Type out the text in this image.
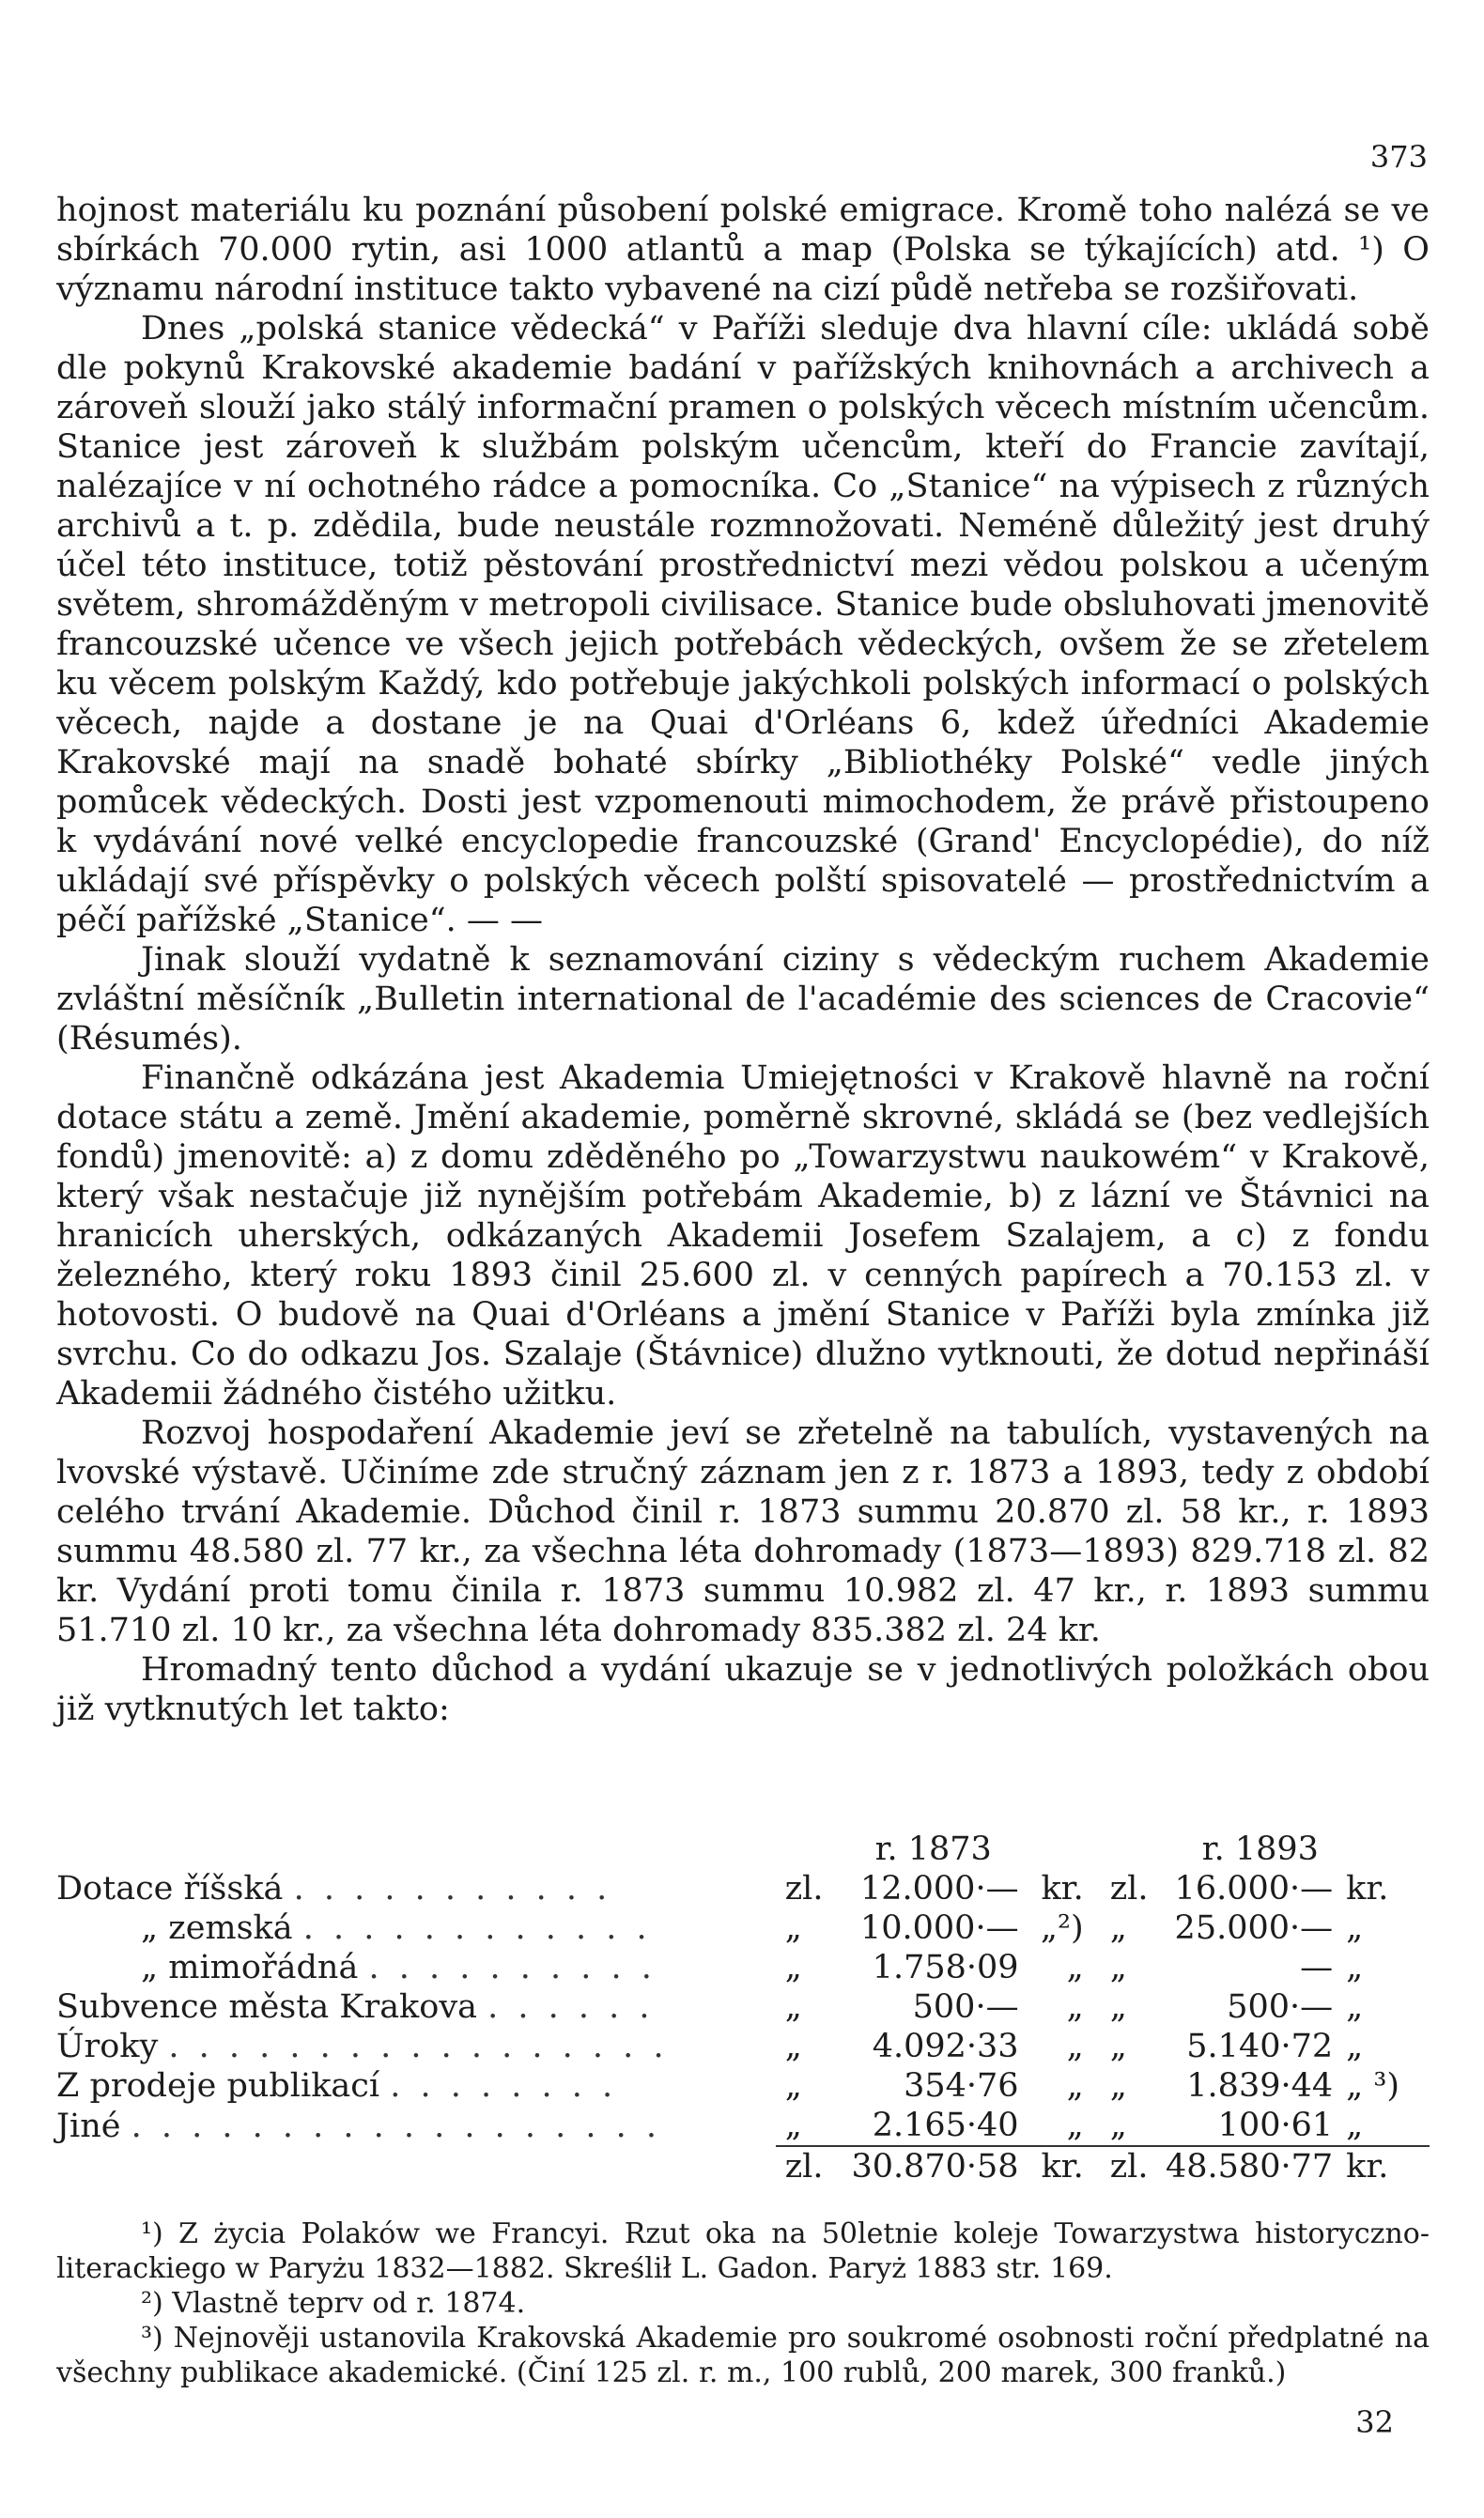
373

hojnost materiálu ku poznání působení polské emigrace. Kromě toho nalézá se ve sbírkách 70.000 rytin, asi 1000 atlantů a map (Polska se týkajících) atd. ¹) O významu národní instituce takto vybavené na cizí půdě netřeba se rozšiřovati.

Dnes „polská stanice vědecká“ v Paříži sleduje dva hlavní cíle: ukládá sobě dle pokynů Krakovské akademie badání v pařížských knihovnách a archivech a zároveň slouží jako stálý informační pramen o polských věcech místním učencům. Stanice jest zároveň k službám polským učencům, kteří do Francie zavítají, nalézajíce v ní ochotného rádce a pomocníka. Co „Stanice“ na výpisech z různých archivů a t. p. zdědila, bude neustále rozmnožovati. Neméně důležitý jest druhý účel této instituce, totiž pěstování prostřednictví mezi vědou polskou a učeným světem, shromážděným v metropoli civilisace. Stanice bude obsluhovati jmenovitě francouzské učence ve všech jejich potřebách vědeckých, ovšem že se zřetelem ku věcem polským Každý, kdo potřebuje jakýchkoli polských informací o polských věcech, najde a dostane je na Quai d'Orléans 6, kdež úředníci Akademie Krakovské mají na snadě bohaté sbírky „Bibliothéky Polské“ vedle jiných pomůcek vědeckých. Dosti jest vzpomenouti mimochodem, že právě přistoupeno k vydávání nové velké encyclopedie francouzské (Grand' Encyclopédie), do níž ukládají své příspěvky o polských věcech polští spisovatelé — prostřednictvím a péčí pařížské „Stanice“. — —

Jinak slouží vydatně k seznamování ciziny s vědeckým ruchem Akademie zvláštní měsíčník „Bulletin international de l'académie des sciences de Cracovie“ (Résumés).

Finančně odkázána jest Akademia Umiejętności v Krakově hlavně na roční dotace státu a země. Jmění akademie, poměrně skrovné, skládá se (bez vedlejších fondů) jmenovitě: a) z domu zděděného po „Towarzystwu naukowém“ v Krakově, který však nestačuje již nynějším potřebám Akademie, b) z lázní ve Štávnici na hranicích uherských, odkázaných Akademii Josefem Szalajem, a c) z fondu železného, který roku 1893 činil 25.600 zl. v cenných papírech a 70.153 zl. v hotovosti. O budově na Quai d'Orléans a jmění Stanice v Paříži byla zmínka již svrchu. Co do odkazu Jos. Szalaje (Štávnice) dlužno vytknouti, že dotud nepřináší Akademii žádného čistého užitku.

Rozvoj hospodaření Akademie jeví se zřetelně na tabulích, vystavených na lvovské výstavě. Učiníme zde stručný záznam jen z r. 1873 a 1893, tedy z období celého trvání Akademie. Důchod činil r. 1873 summu 20.870 zl. 58 kr., r. 1893 summu 48.580 zl. 77 kr., za všechna léta dohromady (1873—1893) 829.718 zl. 82 kr. Vydání proti tomu činila r. 1873 summu 10.982 zl. 47 kr., r. 1893 summu 51.710 zl. 10 kr., za všechna léta dohromady 835.382 zl. 24 kr.

Hromadný tento důchod a vydání ukazuje se v jednotlivých položkách obou již vytknutých let takto:

	r. 1873			r. 1893		
Dotace říšská . . . . . . . . . . .	zl.	12.000·—	kr.	zl.	16.000·—	kr.
„ zemská . . . . . . . . . . . .	„	10.000·—	„²)	„	25.000·—	„
„ mimořádná . . . . . . . . . .	„	1.758·09	„	„	—	„
Subvence města Krakova . . . . . .	„	500·—	„	„	500·—	„
Úroky . . . . . . . . . . . . . . . . .	„	4.092·33	„	„	5.140·72	„
Z prodeje publikací . . . . . . . .	„	354·76	„	„	1.839·44	„ ³)
Jiné . . . . . . . . . . . . . . . . . .	„	2.165·40	„	„	100·61	„
	zl.	30.870·58	kr.	zl.	48.580·77	kr.

¹) Z życia Polaków we Francyi. Rzut oka na 50letnie koleje Towarzystwa historyczno-literackiego w Paryżu 1832—1882. Skreślił L. Gadon. Paryż 1883 str. 169.

²) Vlastně teprv od r. 1874.

³) Nejnověji ustanovila Krakovská Akademie pro soukromé osobnosti roční předplatné na všechny publikace akademické. (Činí 125 zl. r. m., 100 rublů, 200 marek, 300 franků.)

32
